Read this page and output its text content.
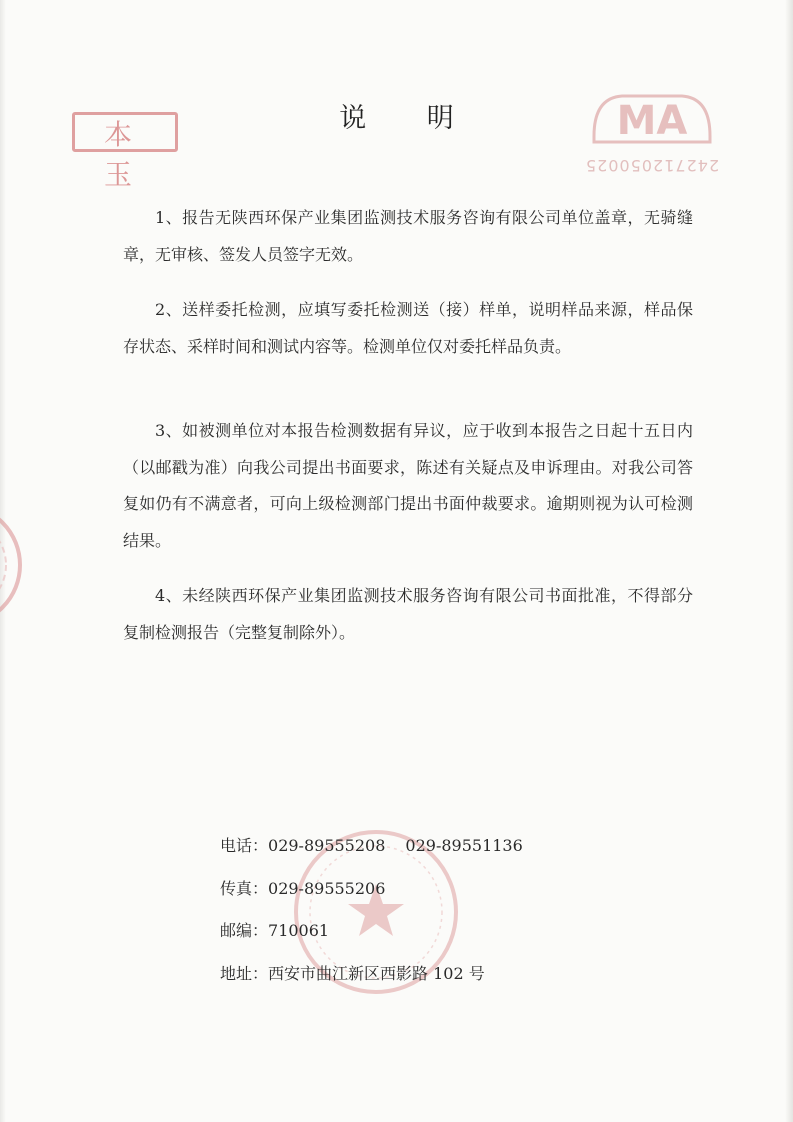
本 玉
MA
242712050025
说 明
1、报告无陕西环保产业集团监测技术服务咨询有限公司单位盖章，无骑缝章，无审核、签发人员签字无效。
2、送样委托检测，应填写委托检测送（接）样单，说明样品来源，样品保存状态、采样时间和测试内容等。检测单位仅对委托样品负责。
3、如被测单位对本报告检测数据有异议，应于收到本报告之日起十五日内（以邮戳为准）向我公司提出书面要求，陈述有关疑点及申诉理由。对我公司答复如仍有不满意者，可向上级检测部门提出书面仲裁要求。逾期则视为认可检测结果。
4、未经陕西环保产业集团监测技术服务咨询有限公司书面批准，不得部分复制检测报告（完整复制除外）。
电话：029-89555208 029-89551136
传真：029-89555206
邮编：710061
地址：西安市曲江新区西影路 102 号
